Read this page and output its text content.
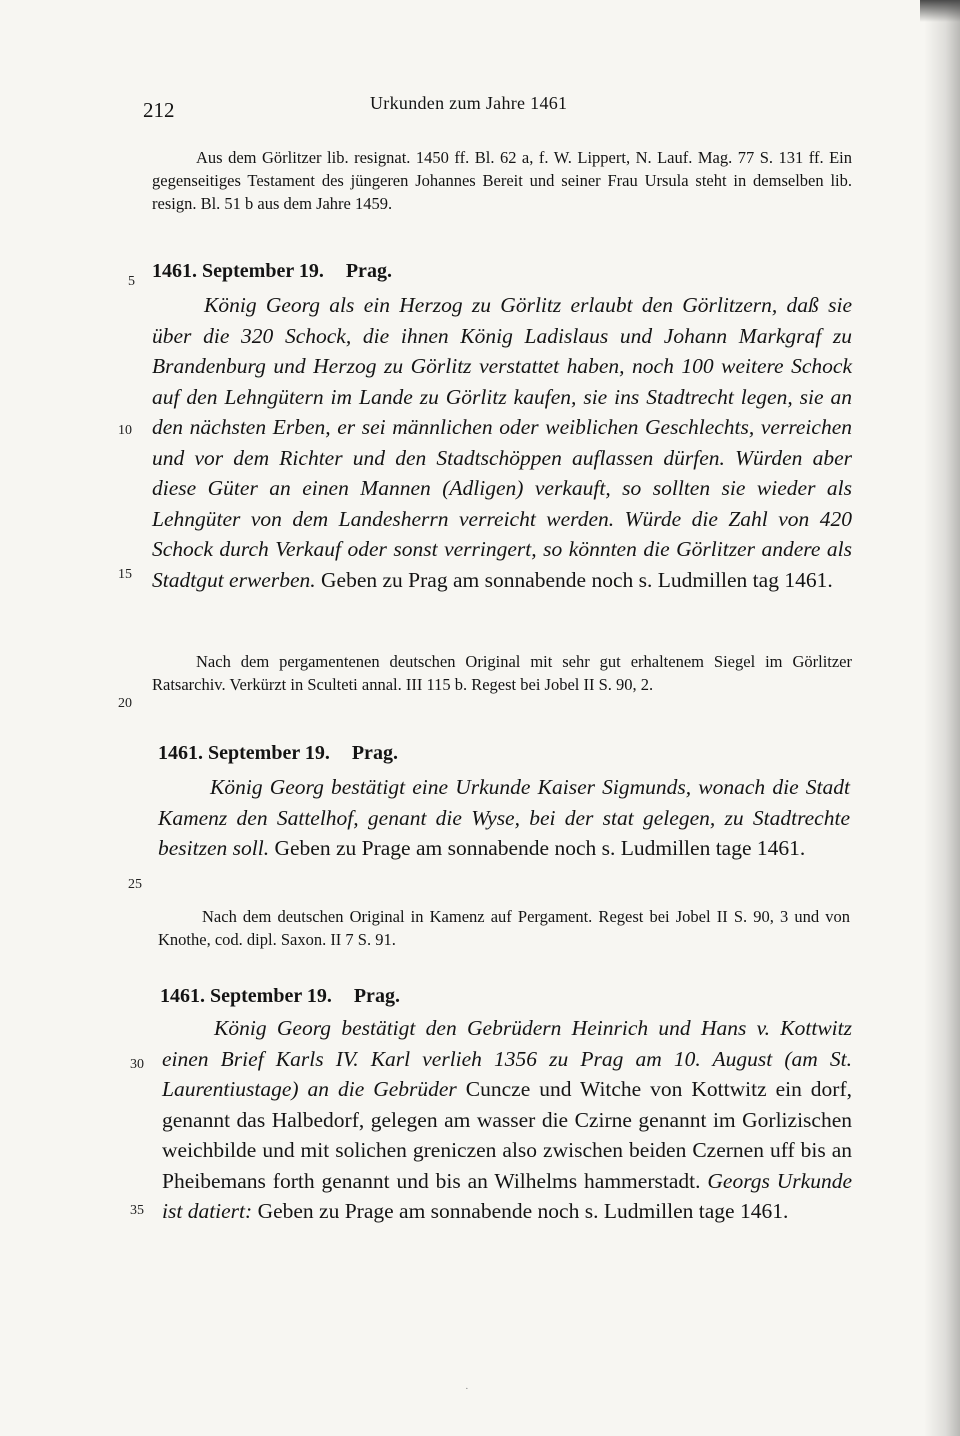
212	Urkunden zum Jahre 1461
5
10
15
20
25
30
35
Aus dem Görlitzer lib. resignat. 1450 ff. Bl. 62 a, f. W. Lippert, N. Lauf. Mag. 77 S. 131 ff. Ein gegenseitiges Testament des jüngeren Johannes Bereit und seiner Frau Ursula steht in demselben lib. resign. Bl. 51 b aus dem Jahre 1459.
1461. September 19. Prag.
König Georg als ein Herzog zu Görlitz erlaubt den Görlitzern, daß sie über die 320 Schock, die ihnen König Ladislaus und Johann Markgraf zu Brandenburg und Herzog zu Görlitz verstattet haben, noch 100 weitere Schock auf den Lehngütern im Lande zu Görlitz kaufen, sie ins Stadtrecht legen, sie an den nächsten Erben, er sei männlichen oder weiblichen Geschlechts, verreichen und vor dem Richter und den Stadtschöppen auflassen dürfen. Würden aber diese Güter an einen Mannen (Adligen) verkauft, so sollten sie wieder als Lehngüter von dem Landesherrn verreicht werden. Würde die Zahl von 420 Schock durch Verkauf oder sonst verringert, so könnten die Görlitzer andere als Stadtgut erwerben. Geben zu Prag am sonnabende noch s. Ludmillen tag 1461.
Nach dem pergamentenen deutschen Original mit sehr gut erhaltenem Siegel im Görlitzer Ratsarchiv. Verkürzt in Sculteti annal. III 115 b. Regest bei Jobel II S. 90, 2.
1461. September 19. Prag.
König Georg bestätigt eine Urkunde Kaiser Sigmunds, wonach die Stadt Kamenz den Sattelhof, genant die Wyse, bei der stat gelegen, zu Stadtrechte besitzen soll. Geben zu Prage am sonnabende noch s. Ludmillen tage 1461.
Nach dem deutschen Original in Kamenz auf Pergament. Regest bei Jobel II S. 90, 3 und von Knothe, cod. dipl. Saxon. II 7 S. 91.
1461. September 19. Prag.
König Georg bestätigt den Gebrüdern Heinrich und Hans v. Kottwitz einen Brief Karls IV. Karl verlieh 1356 zu Prag am 10. August (am St. Laurentiustage) an die Gebrüder Cuncze und Witche von Kottwitz ein dorf, genannt das Halbedorf, gelegen am wasser die Czirne genannt im Gorlizischen weichbilde und mit solichen greniczen also zwischen beiden Czernen uff bis an Pheibemans forth genannt und bis an Wilhelms hammerstadt. Georgs Urkunde ist datiert: Geben zu Prage am sonnabende noch s. Ludmillen tage 1461.
·
